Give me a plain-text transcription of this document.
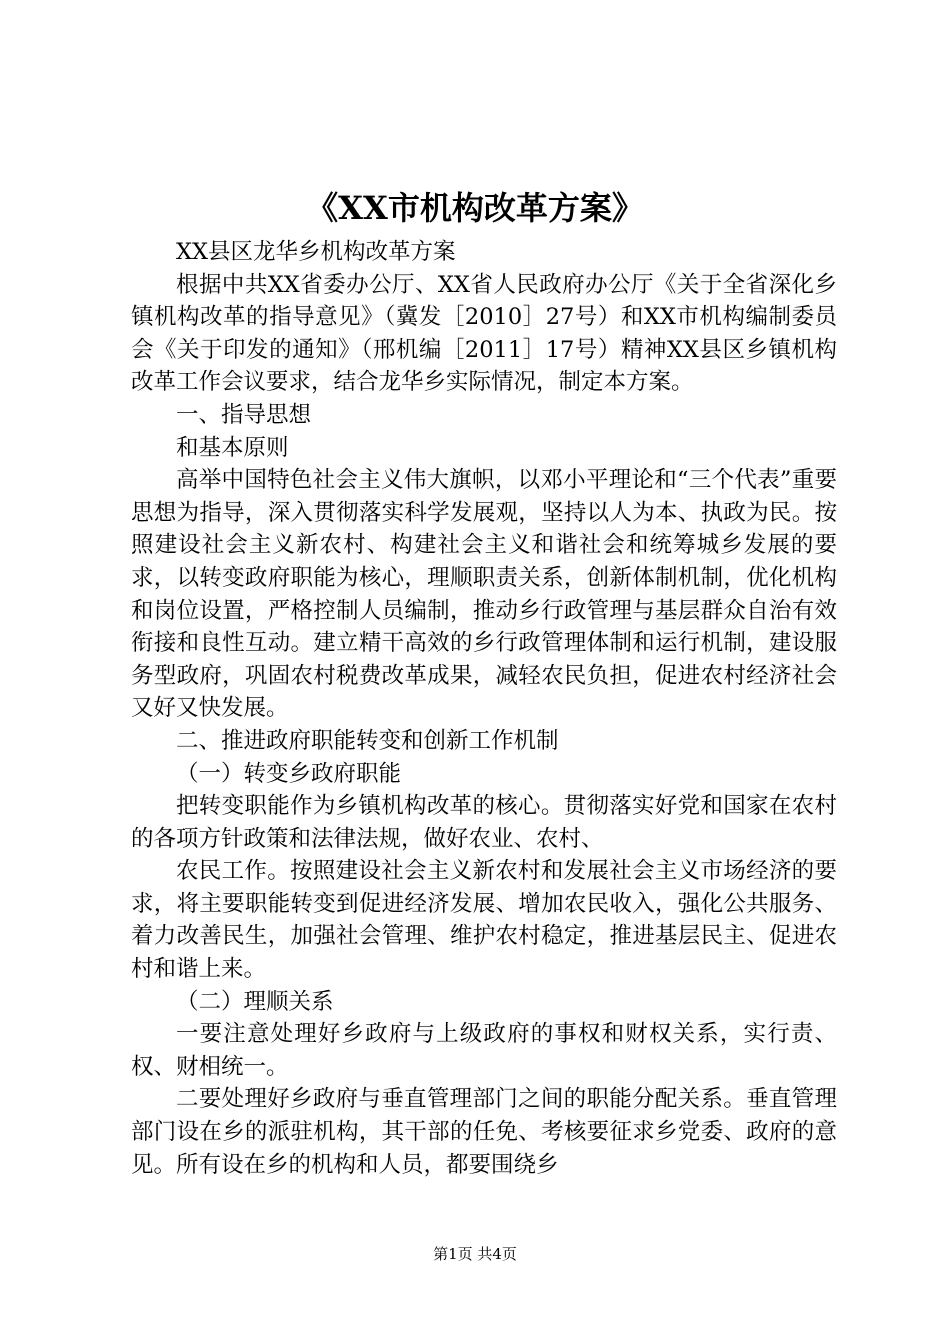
《XX市机构改革方案》

XX县区龙华乡机构改革方案

根据中共XX省委办公厅、XX省人民政府办公厅《关于全省深化乡镇机构改革的指导意见》（冀发［2010］27号）和XX市机构编制委员会《关于印发的通知》（邢机编［2011］17号）精神XX县区乡镇机构改革工作会议要求，结合龙华乡实际情况，制定本方案。

一、指导思想

和基本原则

高举中国特色社会主义伟大旗帜，以邓小平理论和“三个代表”重要思想为指导，深入贯彻落实科学发展观，坚持以人为本、执政为民。按照建设社会主义新农村、构建社会主义和谐社会和统筹城乡发展的要求，以转变政府职能为核心，理顺职责关系，创新体制机制，优化机构和岗位设置，严格控制人员编制，推动乡行政管理与基层群众自治有效衔接和良性互动。建立精干高效的乡行政管理体制和运行机制，建设服务型政府，巩固农村税费改革成果，减轻农民负担，促进农村经济社会又好又快发展。

二、推进政府职能转变和创新工作机制

（一）转变乡政府职能

把转变职能作为乡镇机构改革的核心。贯彻落实好党和国家在农村的各项方针政策和法律法规，做好农业、农村、

农民工作。按照建设社会主义新农村和发展社会主义市场经济的要求，将主要职能转变到促进经济发展、增加农民收入，强化公共服务、着力改善民生，加强社会管理、维护农村稳定，推进基层民主、促进农村和谐上来。

（二）理顺关系

一要注意处理好乡政府与上级政府的事权和财权关系，实行责、权、财相统一。

二要处理好乡政府与垂直管理部门之间的职能分配关系。垂直管理部门设在乡的派驻机构，其干部的任免、考核要征求乡党委、政府的意见。所有设在乡的机构和人员，都要围绕乡

第1页 共4页
